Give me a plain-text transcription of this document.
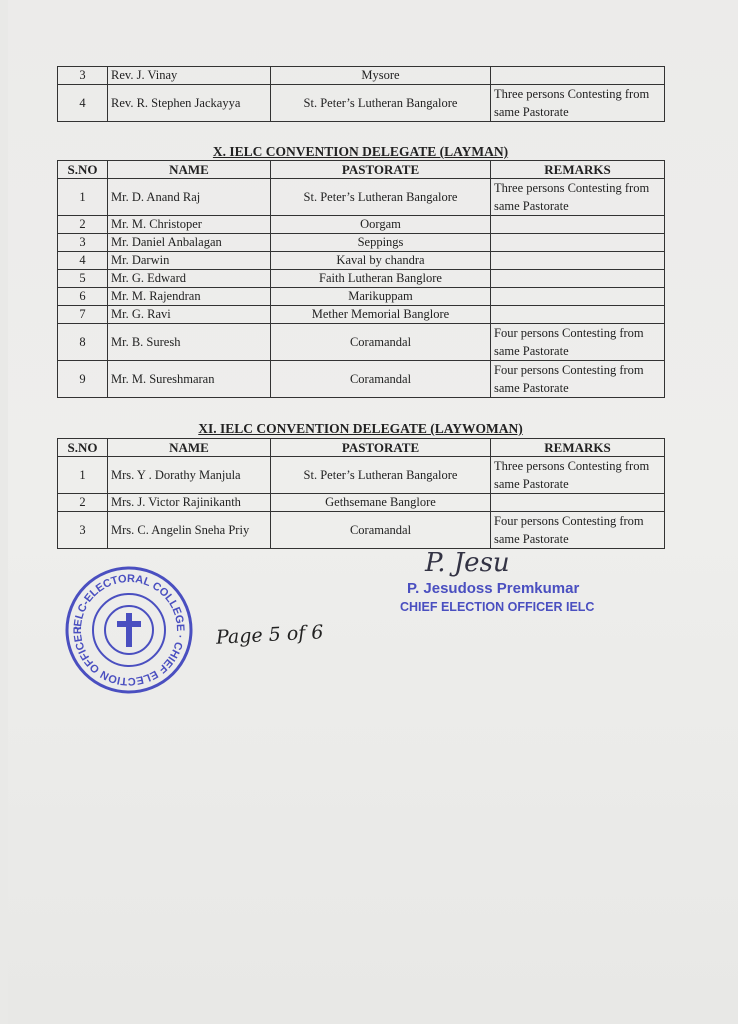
3	Rev. J. Vinay	Mysore	
4	Rev. R. Stephen Jackayya	St. Peter’s Lutheran Bangalore	Three persons Contesting from same Pastorate
X. IELC CONVENTION DELEGATE (LAYMAN)
S.NO	NAME	PASTORATE	REMARKS
1	Mr. D. Anand Raj	St. Peter’s Lutheran Bangalore	Three persons Contesting from same Pastorate
2	Mr. M. Christoper	Oorgam	
3	Mr. Daniel Anbalagan	Seppings	
4	Mr. Darwin	Kaval by chandra	
5	Mr. G. Edward	Faith Lutheran Banglore	
6	Mr. M. Rajendran	Marikuppam	
7	Mr. G. Ravi	Mether Memorial Banglore	
8	Mr. B. Suresh	Coramandal	Four persons Contesting from same Pastorate
9	Mr. M. Sureshmaran	Coramandal	Four persons Contesting from same Pastorate
XI. IELC CONVENTION DELEGATE (LAYWOMAN)
S.NO	NAME	PASTORATE	REMARKS
1	Mrs. Y . Dorathy Manjula	St. Peter’s Lutheran Bangalore	Three persons Contesting from same Pastorate
2	Mrs. J. Victor Rajinikanth	Gethsemane Banglore	
3	Mrs. C. Angelin Sneha Priy	Coramandal	Four persons Contesting from same Pastorate
P. Jesu
P. Jesudoss Premkumar
CHIEF ELECTION OFFICER IELC
IELC-ELECTORAL COLLEGE · CHIEF ELECTION OFFICER	Page 5 of 6
